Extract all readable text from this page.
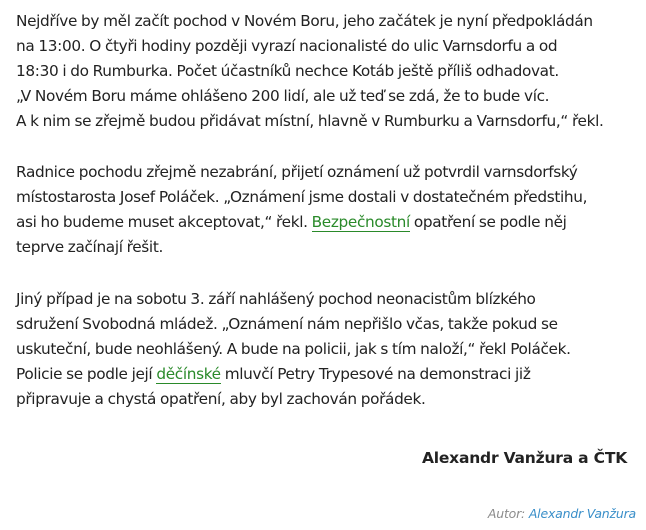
Nejdříve by měl začít pochod v Novém Boru, jeho začátek je nyní předpokládán
na 13:00. O čtyři hodiny později vyrazí nacionalisté do ulic Varnsdorfu a od
18:30 i do Rumburka. Počet účastníků nechce Kotáb ještě příliš odhadovat.
„V Novém Boru máme ohlášeno 200 lidí, ale už teď se zdá, že to bude víc.
A k nim se zřejmě budou přidávat místní, hlavně v Rumburku a Varnsdorfu,“ řekl.

Radnice pochodu zřejmě nezabrání, přijetí oznámení už potvrdil varnsdorfský
místostarosta Josef Poláček. „Oznámení jsme dostali v dostatečném předstihu,
asi ho budeme muset akceptovat,“ řekl. Bezpečnostní opatření se podle něj
teprve začínají řešit.

Jiný případ je na sobotu 3. září nahlášený pochod neonacistům blízkého
sdružení Svobodná mládež. „Oznámení nám nepřišlo včas, takže pokud se
uskuteční, bude neohlášený. A bude na policii, jak s tím naloží,“ řekl Poláček.
Policie se podle její děčínské mluvčí Petry Trypesové na demonstraci již
připravuje a chystá opatření, aby byl zachován pořádek.

Alexandr Vanžura a ČTK
Autor: Alexandr Vanžura
